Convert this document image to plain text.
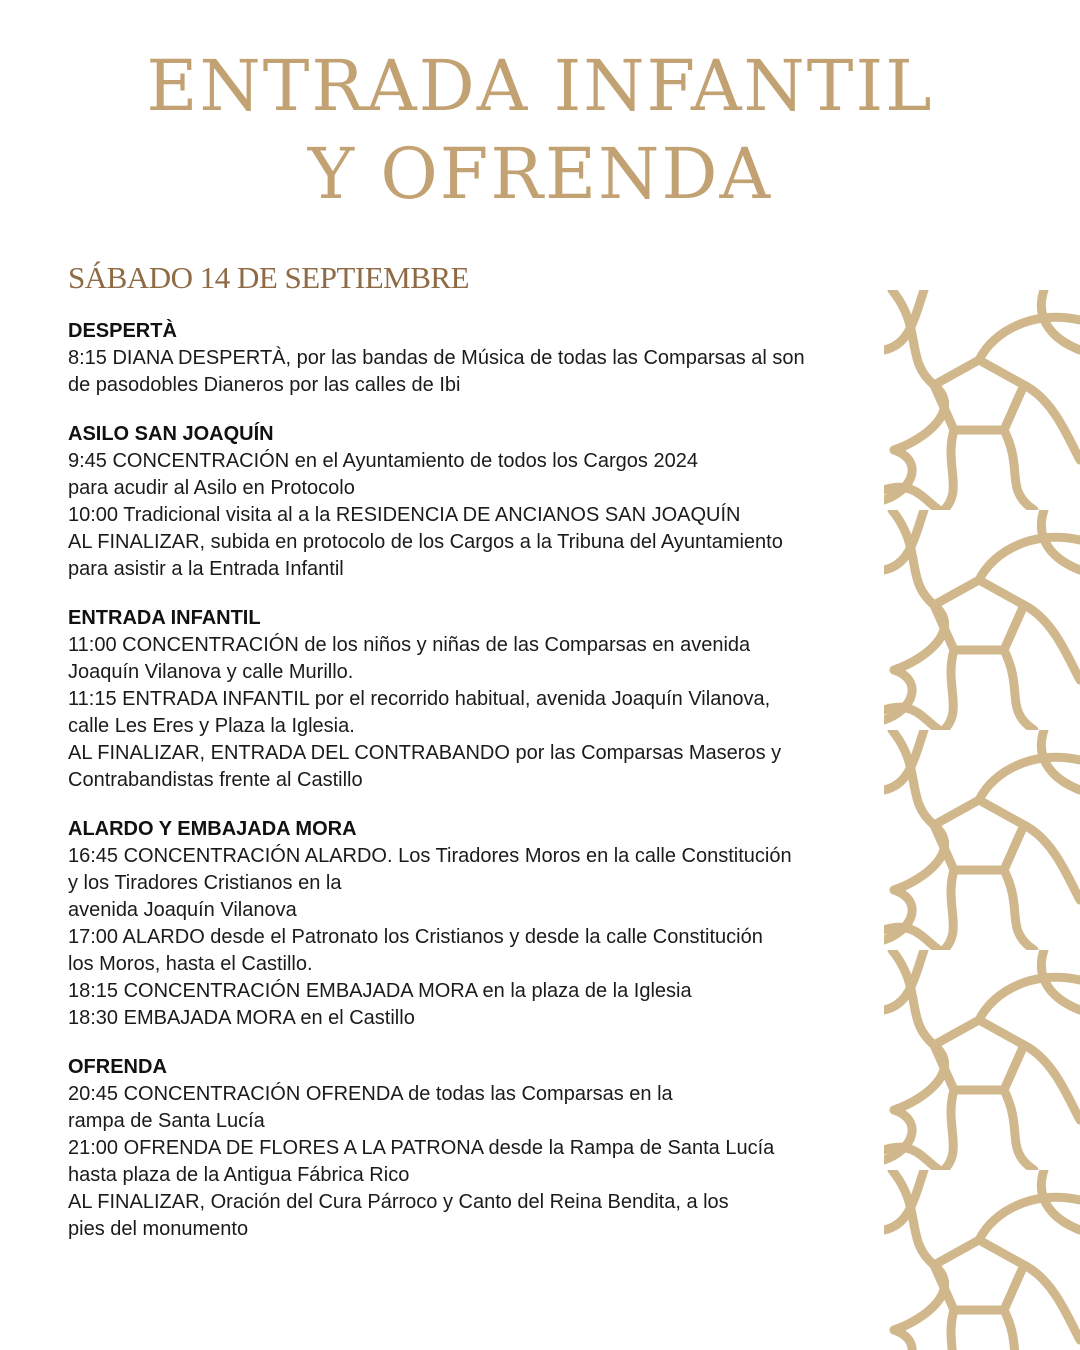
ENTRADA INFANTIL
Y OFRENDA
SÁBADO 14 DE SEPTIEMBRE
DESPERTÀ

8:15 DIANA DESPERTÀ, por las bandas de Música de todas las Comparsas al son

de pasodobles Dianeros por las calles de Ibi

ASILO SAN JOAQUÍN

9:45 CONCENTRACIÓN en el Ayuntamiento de todos los Cargos 2024

para acudir al Asilo en Protocolo

10:00 Tradicional visita al a la RESIDENCIA DE ANCIANOS SAN JOAQUÍN

AL FINALIZAR, subida en protocolo de los Cargos a la Tribuna del Ayuntamiento

para asistir a la Entrada Infantil

ENTRADA INFANTIL

11:00 CONCENTRACIÓN de los niños y niñas de las Comparsas en avenida

Joaquín Vilanova y calle Murillo.

11:15 ENTRADA INFANTIL por el recorrido habitual, avenida Joaquín Vilanova,

calle Les Eres y Plaza la Iglesia.

AL FINALIZAR, ENTRADA DEL CONTRABANDO por las Comparsas Maseros y

Contrabandistas frente al Castillo

ALARDO Y EMBAJADA MORA

16:45 CONCENTRACIÓN ALARDO. Los Tiradores Moros en la calle Constitución

y los Tiradores Cristianos en la

avenida Joaquín Vilanova

17:00 ALARDO desde el Patronato los Cristianos y desde la calle Constitución

los Moros, hasta el Castillo.

18:15 CONCENTRACIÓN EMBAJADA MORA en la plaza de la Iglesia

18:30 EMBAJADA MORA en el Castillo

OFRENDA

20:45 CONCENTRACIÓN OFRENDA de todas las Comparsas en la

rampa de Santa Lucía

21:00 OFRENDA DE FLORES A LA PATRONA desde la Rampa de Santa Lucía

hasta plaza de la Antigua Fábrica Rico

AL FINALIZAR, Oración del Cura Párroco y Canto del Reina Bendita, a los

pies del monumento
